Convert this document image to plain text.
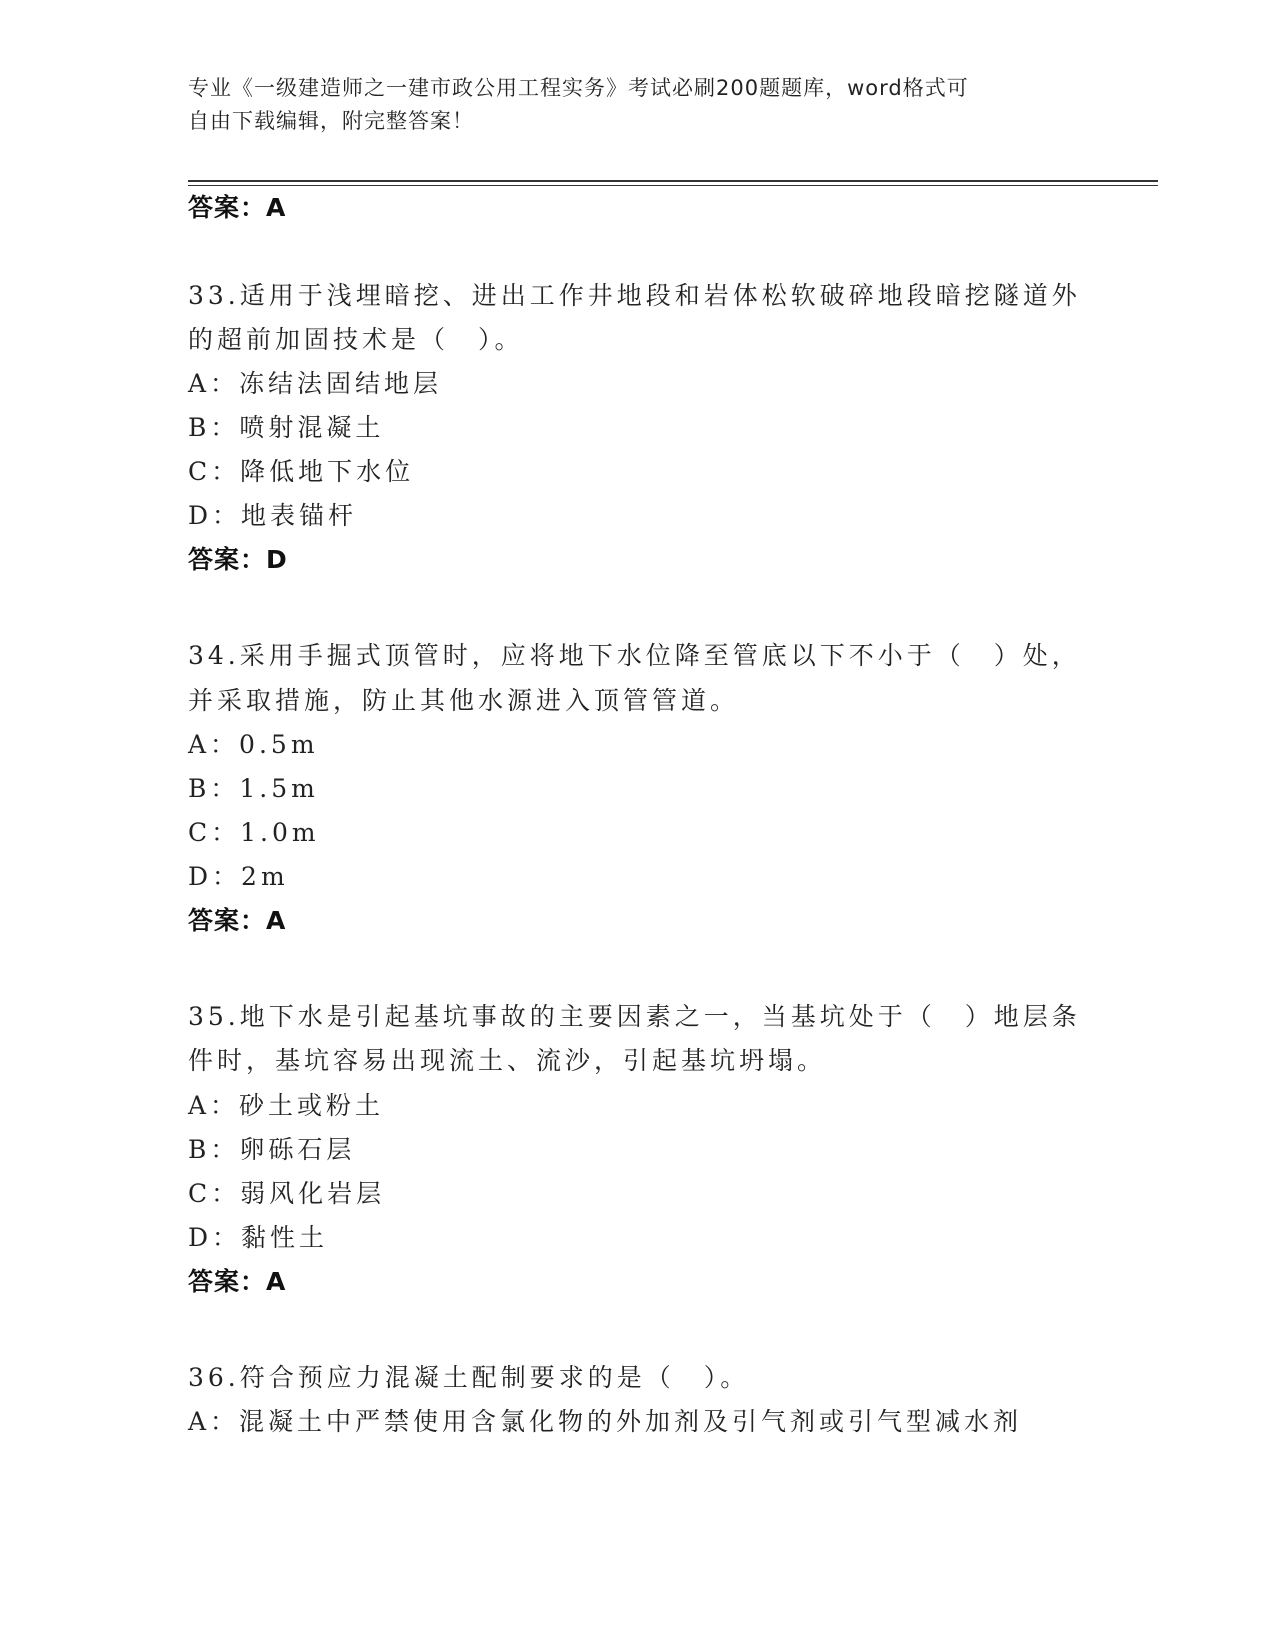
专业《一级建造师之一建市政公用工程实务》考试必刷200题题库，word格式可
自由下载编辑，附完整答案！
答案：A
33.适用于浅埋暗挖、进出工作井地段和岩体松软破碎地段暗挖隧道外
的超前加固技术是（　）。
A：冻结法固结地层
B：喷射混凝土
C：降低地下水位
D：地表锚杆
答案：D
34.采用手掘式顶管时，应将地下水位降至管底以下不小于（　）处，
并采取措施，防止其他水源进入顶管管道。
A：0.5m
B：1.5m
C：1.0m
D：2m
答案：A
35.地下水是引起基坑事故的主要因素之一，当基坑处于（　）地层条
件时，基坑容易出现流土、流沙，引起基坑坍塌。
A：砂土或粉土
B：卵砾石层
C：弱风化岩层
D：黏性土
答案：A
36.符合预应力混凝土配制要求的是（　）。
A：混凝土中严禁使用含氯化物的外加剂及引气剂或引气型减水剂
